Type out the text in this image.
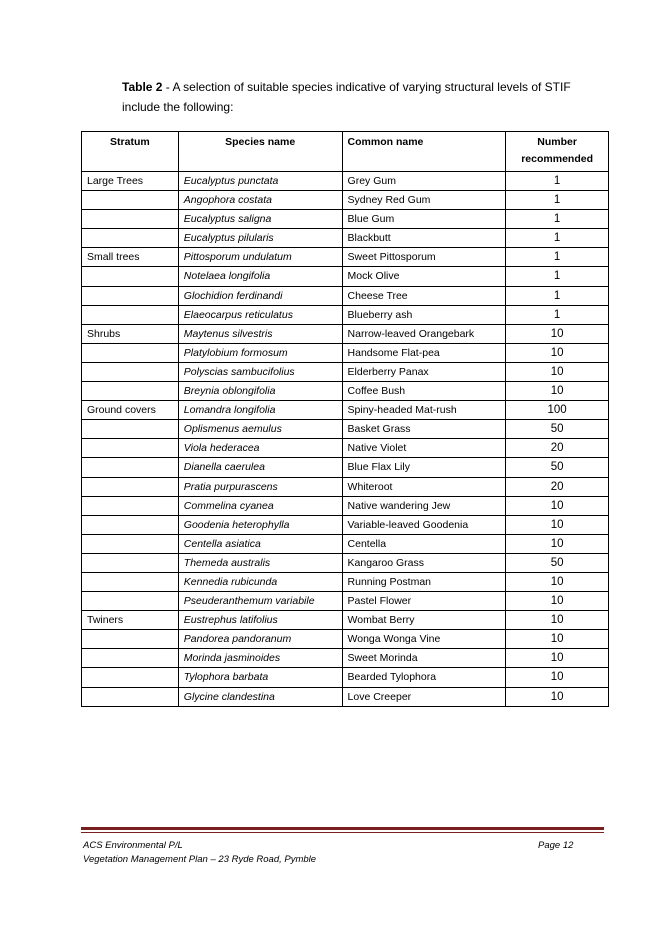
Table 2 - A selection of suitable species indicative of varying structural levels of STIF include the following:
Stratum	Species name	Common name	Number
recommended
Large Trees	Eucalyptus punctata	Grey Gum	1
	Angophora costata	Sydney Red Gum	1
	Eucalyptus saligna	Blue Gum	1
	Eucalyptus pilularis	Blackbutt	1
Small trees	Pittosporum undulatum	Sweet Pittosporum	1
	Notelaea longifolia	Mock Olive	1
	Glochidion ferdinandi	Cheese Tree	1
	Elaeocarpus reticulatus	Blueberry ash	1
Shrubs	Maytenus silvestris	Narrow-leaved Orangebark	10
	Platylobium formosum	Handsome Flat-pea	10
	Polyscias sambucifolius	Elderberry Panax	10
	Breynia oblongifolia	Coffee Bush	10
Ground covers	Lomandra longifolia	Spiny-headed Mat-rush	100
	Oplismenus aemulus	Basket Grass	50
	Viola hederacea	Native Violet	20
	Dianella caerulea	Blue Flax Lily	50
	Pratia purpurascens	Whiteroot	20
	Commelina cyanea	Native wandering Jew	10
	Goodenia heterophylla	Variable-leaved Goodenia	10
	Centella asiatica	Centella	10
	Themeda australis	Kangaroo Grass	50
	Kennedia rubicunda	Running Postman	10
	Pseuderanthemum variabile	Pastel Flower	10
Twiners	Eustrephus latifolius	Wombat Berry	10
	Pandorea pandoranum	Wonga Wonga Vine	10
	Morinda jasminoides	Sweet Morinda	10
	Tylophora barbata	Bearded Tylophora	10
	Glycine clandestina	Love Creeper	10
ACS Environmental P/L	Page 12
Vegetation Management Plan – 23 Ryde Road, Pymble
